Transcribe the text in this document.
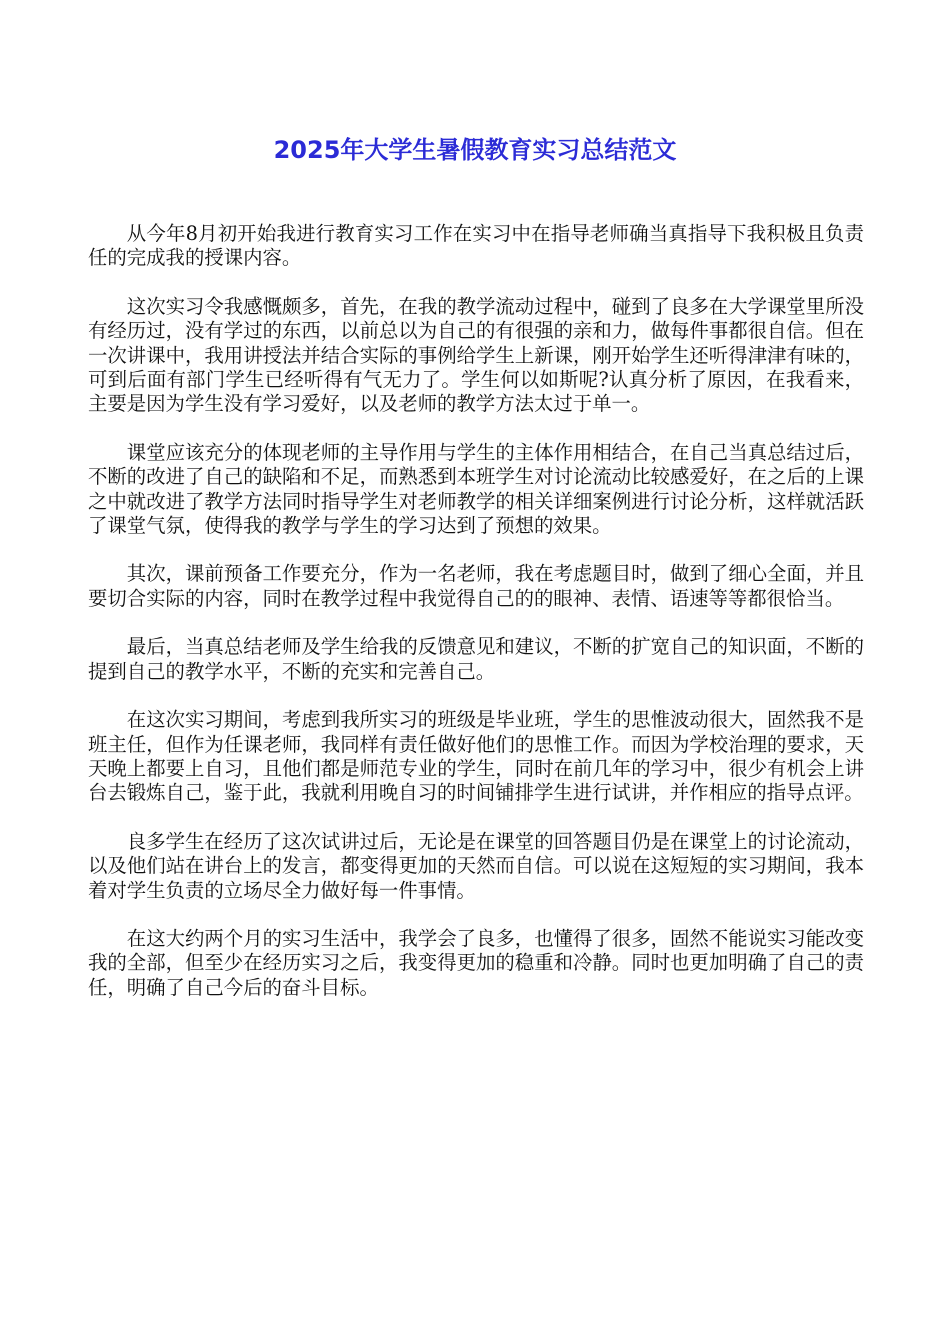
2025年大学生暑假教育实习总结范文

从今年8月初开始我进行教育实习工作在实习中在指导老师确当真指导下我积极且负责任的完成我的授课内容。

这次实习令我感慨颇多，首先，在我的教学流动过程中，碰到了良多在大学课堂里所没有经历过，没有学过的东西，以前总以为自己的有很强的亲和力，做每件事都很自信。但在一次讲课中，我用讲授法并结合实际的事例给学生上新课，刚开始学生还听得津津有味的，可到后面有部门学生已经听得有气无力了。学生何以如斯呢?认真分析了原因，在我看来，主要是因为学生没有学习爱好，以及老师的教学方法太过于单一。

课堂应该充分的体现老师的主导作用与学生的主体作用相结合，在自己当真总结过后，不断的改进了自己的缺陷和不足，而熟悉到本班学生对讨论流动比较感爱好，在之后的上课之中就改进了教学方法同时指导学生对老师教学的相关详细案例进行讨论分析，这样就活跃了课堂气氛，使得我的教学与学生的学习达到了预想的效果。

其次，课前预备工作要充分，作为一名老师，我在考虑题目时，做到了细心全面，并且要切合实际的内容，同时在教学过程中我觉得自己的的眼神、表情、语速等等都很恰当。

最后，当真总结老师及学生给我的反馈意见和建议，不断的扩宽自己的知识面，不断的提到自己的教学水平，不断的充实和完善自己。

在这次实习期间，考虑到我所实习的班级是毕业班，学生的思惟波动很大，固然我不是班主任，但作为任课老师，我同样有责任做好他们的思惟工作。而因为学校治理的要求，天天晚上都要上自习，且他们都是师范专业的学生，同时在前几年的学习中，很少有机会上讲台去锻炼自己，鉴于此，我就利用晚自习的时间铺排学生进行试讲，并作相应的指导点评。

良多学生在经历了这次试讲过后，无论是在课堂的回答题目仍是在课堂上的讨论流动，以及他们站在讲台上的发言，都变得更加的天然而自信。可以说在这短短的实习期间，我本着对学生负责的立场尽全力做好每一件事情。

在这大约两个月的实习生活中，我学会了良多，也懂得了很多，固然不能说实习能改变我的全部，但至少在经历实习之后，我变得更加的稳重和冷静。同时也更加明确了自己的责任，明确了自己今后的奋斗目标。
